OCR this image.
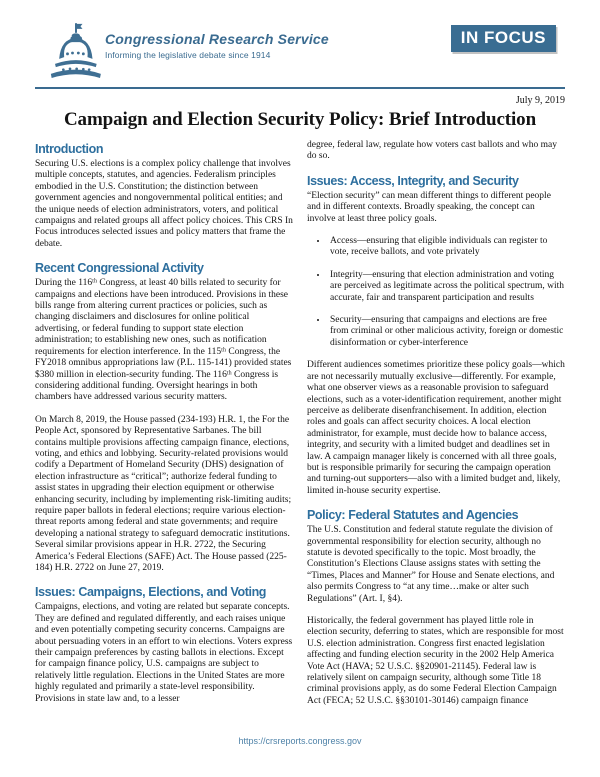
Congressional Research Service
Informing the legislative debate since 1914
IN FOCUS
July 9, 2019
Campaign and Election Security Policy: Brief Introduction
Introduction

Securing U.S. elections is a complex policy challenge that involves multiple concepts, statutes, and agencies. Federalism principles embodied in the U.S. Constitution; the distinction between government agencies and nongovernmental political entities; and the unique needs of election administrators, voters, and political campaigns and related groups all affect policy choices. This CRS In Focus introduces selected issues and policy matters that frame the debate.

Recent Congressional Activity

During the 116ᵗʰ Congress, at least 40 bills related to security for campaigns and elections have been introduced. Provisions in these bills range from altering current practices or policies, such as changing disclaimers and disclosures for online political advertising, or federal funding to support state election administration; to establishing new ones, such as notification requirements for election interference. In the 115ᵗʰ Congress, the FY2018 omnibus appropriations law (P.L. 115-141) provided states $380 million in election-security funding. The 116ᵗʰ Congress is considering additional funding. Oversight hearings in both chambers have addressed various security matters.

On March 8, 2019, the House passed (234-193) H.R. 1, the For the People Act, sponsored by Representative Sarbanes. The bill contains multiple provisions affecting campaign finance, elections, voting, and ethics and lobbying. Security-related provisions would codify a Department of Homeland Security (DHS) designation of election infrastructure as “critical”; authorize federal funding to assist states in upgrading their election equipment or otherwise enhancing security, including by implementing risk-limiting audits; require paper ballots in federal elections; require various election-threat reports among federal and state governments; and require developing a national strategy to safeguard democratic institutions. Several similar provisions appear in H.R. 2722, the Securing America’s Federal Elections (SAFE) Act. The House passed (225-184) H.R. 2722 on June 27, 2019.

Issues: Campaigns, Elections, and Voting

Campaigns, elections, and voting are related but separate concepts. They are defined and regulated differently, and each raises unique and even potentially competing security concerns. Campaigns are about persuading voters in an effort to win elections. Voters express their campaign preferences by casting ballots in elections. Except for campaign finance policy, U.S. campaigns are subject to relatively little regulation. Elections in the United States are more highly regulated and primarily a state-level responsibility. Provisions in state law and, to a lesser

degree, federal law, regulate how voters cast ballots and who may do so.

Issues: Access, Integrity, and Security

“Election security” can mean different things to different people and in different contexts. Broadly speaking, the concept can involve at least three policy goals.

• Access—ensuring that eligible individuals can register to vote, receive ballots, and vote privately
• Integrity—ensuring that election administration and voting are perceived as legitimate across the political spectrum, with accurate, fair and transparent participation and results
• Security—ensuring that campaigns and elections are free from criminal or other malicious activity, foreign or domestic disinformation or cyber-interference

Different audiences sometimes prioritize these policy goals—which are not necessarily mutually exclusive—differently. For example, what one observer views as a reasonable provision to safeguard elections, such as a voter-identification requirement, another might perceive as deliberate disenfranchisement. In addition, election roles and goals can affect security choices. A local election administrator, for example, must decide how to balance access, integrity, and security with a limited budget and deadlines set in law. A campaign manager likely is concerned with all three goals, but is responsible primarily for securing the campaign operation and turning-out supporters—also with a limited budget and, likely, limited in-house security expertise.

Policy: Federal Statutes and Agencies

The U.S. Constitution and federal statute regulate the division of governmental responsibility for election security, although no statute is devoted specifically to the topic. Most broadly, the Constitution’s Elections Clause assigns states with setting the “Times, Places and Manner” for House and Senate elections, and also permits Congress to “at any time…make or alter such Regulations” (Art. I, §4).

Historically, the federal government has played little role in election security, deferring to states, which are responsible for most U.S. election administration. Congress first enacted legislation affecting and funding election security in the 2002 Help America Vote Act (HAVA; 52 U.S.C. §§20901-21145). Federal law is relatively silent on campaign security, although some Title 18 criminal provisions apply, as do some Federal Election Campaign Act (FECA; 52 U.S.C. §§30101-30146) campaign finance

https://crsreports.congress.gov
